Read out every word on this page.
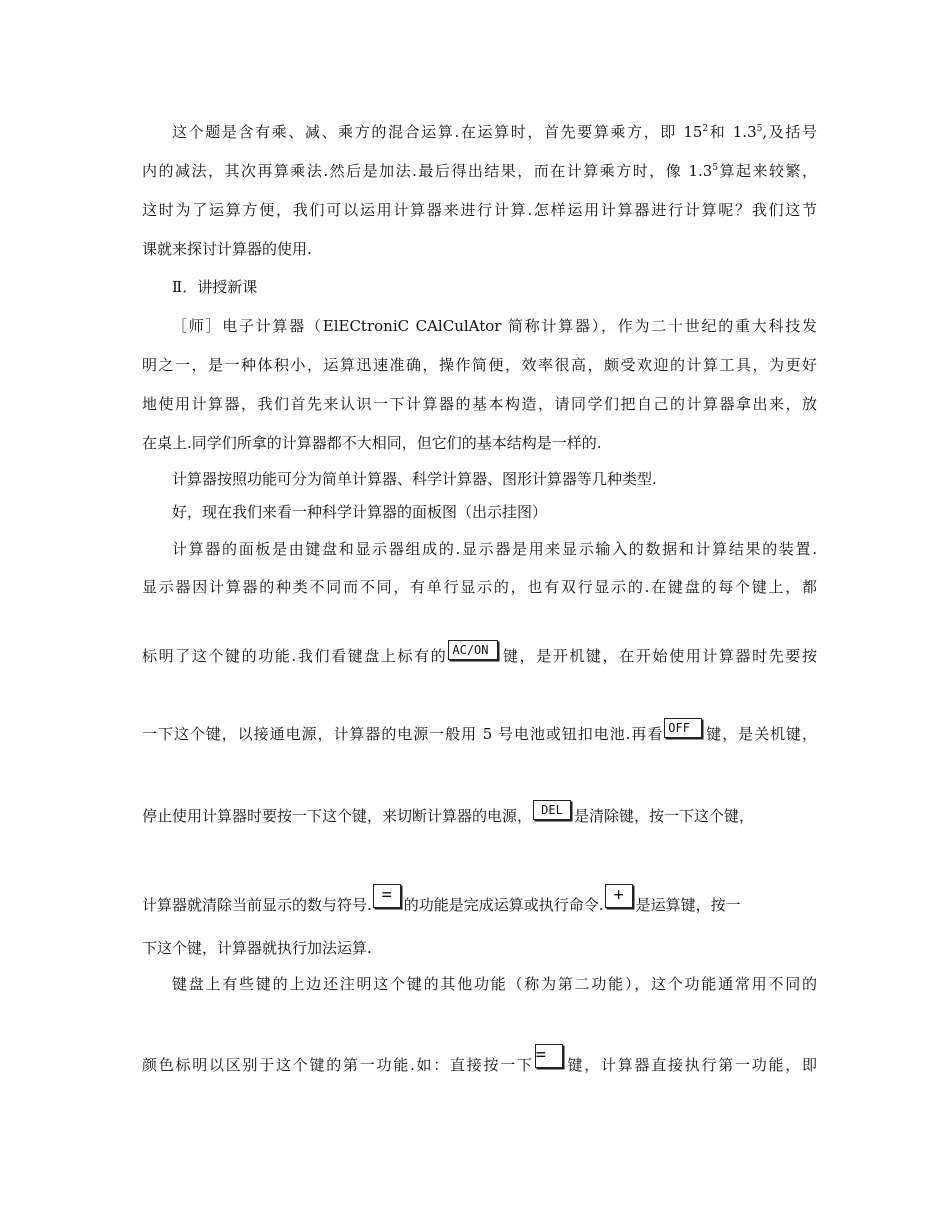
这个题是含有乘、减、乘方的混合运算.在运算时，首先要算乘方，即 $15^2$和 $1.3^5$,及括号
内的减法，其次再算乘法.然后是加法.最后得出结果，而在计算乘方时，像 $1.3^5$算起来较繁，
这时为了运算方便，我们可以运用计算器来进行计算.怎样运用计算器进行计算呢？我们这节
课就来探讨计算器的使用.
Ⅱ．讲授新课
［师］电子计算器（ElECtroniC CAlCulAtor 简称计算器），作为二十世纪的重大科技发
明之一，是一种体积小，运算迅速准确，操作简便，效率很高，颇受欢迎的计算工具，为更好
地使用计算器，我们首先来认识一下计算器的基本构造，请同学们把自己的计算器拿出来，放
在桌上.同学们所拿的计算器都不大相同，但它们的基本结构是一样的.
计算器按照功能可分为简单计算器、科学计算器、图形计算器等几种类型.
好，现在我们来看一种科学计算器的面板图（出示挂图）
计算器的面板是由键盘和显示器组成的.显示器是用来显示输入的数据和计算结果的装置.
显示器因计算器的种类不同而不同，有单行显示的，也有双行显示的.在键盘的每个键上，都
标明了这个键的功能.我们看键盘上标有的 AC/ON 键，是开机键，在开始使用计算器时先要按
一下这个键，以接通电源，计算器的电源一般用 5 号电池或钮扣电池.再看 OFF 键，是关机键，
停止使用计算器时要按一下这个键，来切断计算器的电源， DEL 是清除键，按一下这个键，
计算器就清除当前显示的数与符号. = 的功能是完成运算或执行命令. + 是运算键，按一
下这个键，计算器就执行加法运算.
键盘上有些键的上边还注明这个键的其他功能（称为第二功能），这个功能通常用不同的
颜色标明以区别于这个键的第一功能.如：直接按一下 = 键，计算器直接执行第一功能，即
